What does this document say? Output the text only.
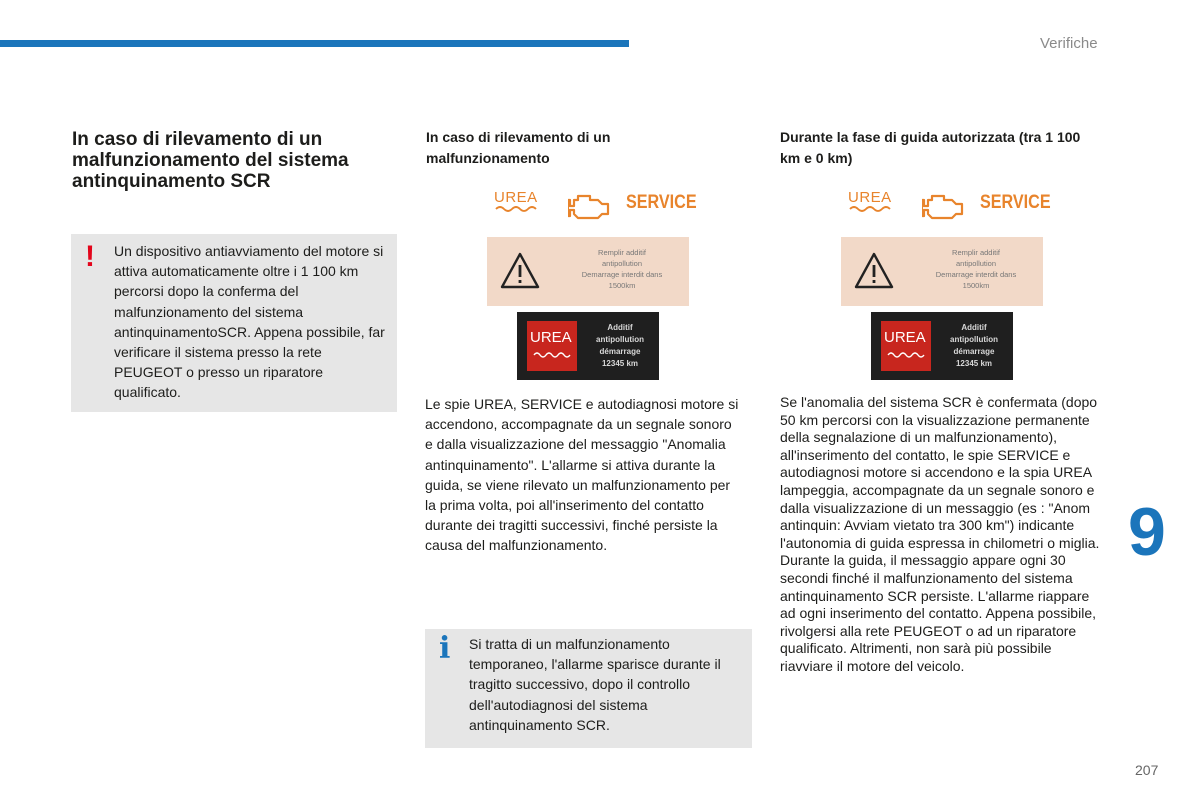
Verifiche
9
207
In caso di rilevamento di un malfunzionamento del sistema antinquinamento SCR
! Un dispositivo antiavviamento del motore si attiva automaticamente oltre i 1 100 km percorsi dopo la conferma del malfunzionamento del sistema antinquinamentoSCR. Appena possibile, far verificare il sistema presso la rete PEUGEOT o presso un riparatore qualificato.

In caso di rilevamento di un malfunzionamento
UREA	SERVICE
Remplir additif
antipollution
Demarrage interdit dans
1500km
UREA
Additif
antipollution
démarrage
12345 km

Le spie UREA, SERVICE e autodiagnosi motore si accendono, accompagnate da un segnale sonoro e dalla visualizzazione del messaggio "Anomalia antinquinamento". L'allarme si attiva durante la guida, se viene rilevato un malfunzionamento per la prima volta, poi all'inserimento del contatto durante dei tragitti successivi, finché persiste la causa del malfunzionamento.

i Si tratta di un malfunzionamento temporaneo, l'allarme sparisce durante il tragitto successivo, dopo il controllo dell'autodiagnosi del sistema antinquinamento SCR.

Durante la fase di guida autorizzata (tra 1 100 km e 0 km)
UREA	SERVICE
Remplir additif
antipollution
Demarrage interdit dans
1500km
UREA
Additif
antipollution
démarrage
12345 km

Se l'anomalia del sistema SCR è confermata (dopo 50 km percorsi con la visualizzazione permanente della segnalazione di un malfunzionamento), all'inserimento del contatto, le spie SERVICE e autodiagnosi motore si accendono e la spia UREA lampeggia, accompagnate da un segnale sonoro e dalla visualizzazione di un messaggio (es : "Anom antinquin: Avviam vietato tra 300 km") indicante l'autonomia di guida espressa in chilometri o miglia. Durante la guida, il messaggio appare ogni 30 secondi finché il malfunzionamento del sistema antinquinamento SCR persiste. L'allarme riappare ad ogni inserimento del contatto. Appena possibile, rivolgersi alla rete PEUGEOT o ad un riparatore qualificato. Altrimenti, non sarà più possibile riavviare il motore del veicolo.
